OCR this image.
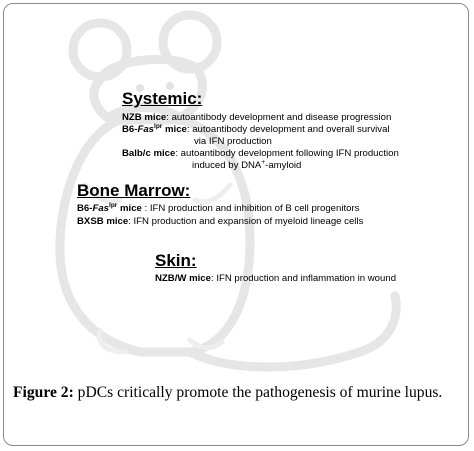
Systemic:
NZB mice: autoantibody development and disease progression
B6-Fas$^{lpr}$ mice: autoantibody development and overall survival
via IFN production
Balb/c mice: autoantibody development following IFN production
induced by DNA+-amyloid
Bone Marrow:
B6-Fas$^{lpr}$ mice : IFN production and inhibition of B cell progenitors
BXSB mice: IFN production and expansion of myeloid lineage cells
Skin:
NZB/W mice: IFN production and inflammation in wound
Figure 2: pDCs critically promote the pathogenesis of murine lupus.
